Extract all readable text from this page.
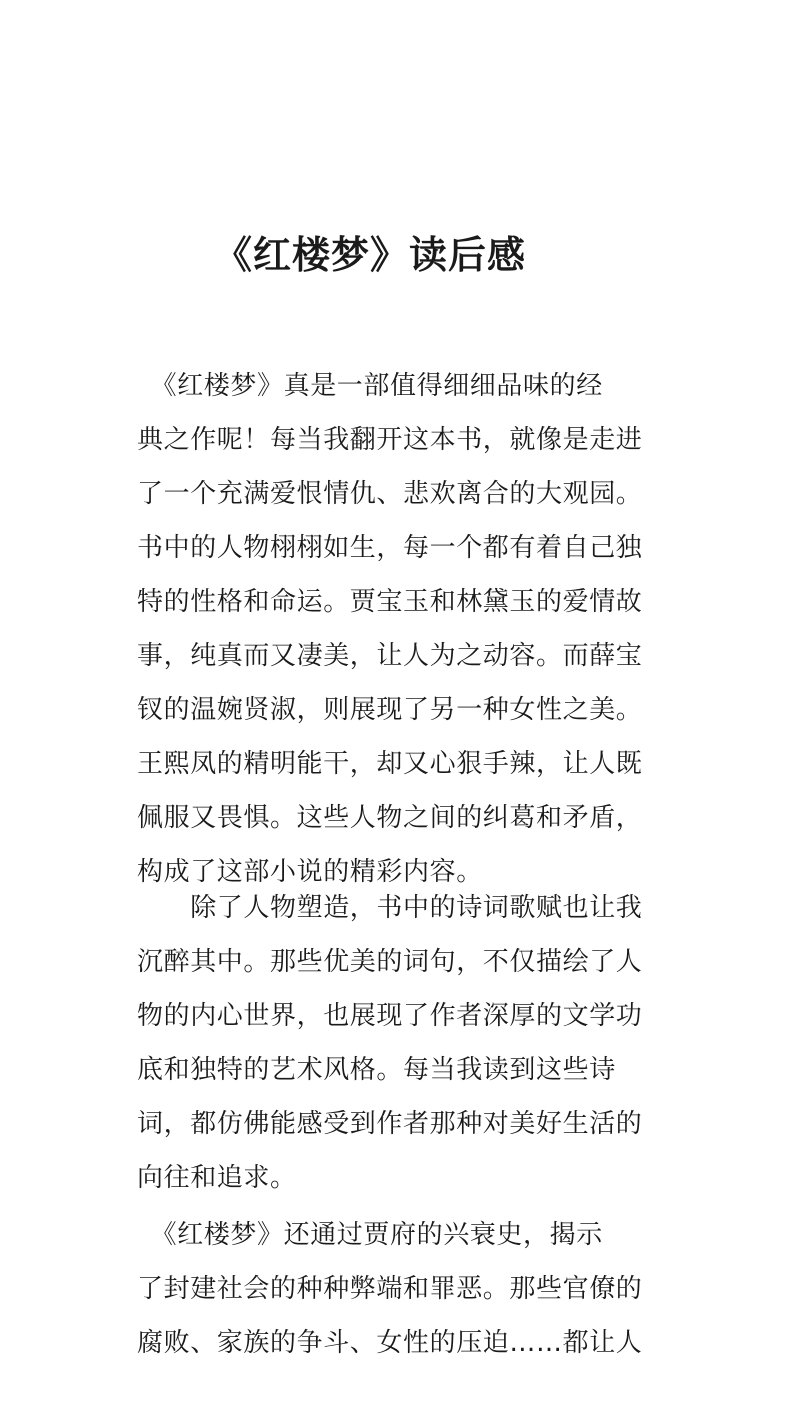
《红楼梦》读后感
　《红楼梦》真是一部值得细细品味的经
典之作呢！每当我翻开这本书，就像是走进
了一个充满爱恨情仇、悲欢离合的大观园。
书中的人物栩栩如生，每一个都有着自己独
特的性格和命运。贾宝玉和林黛玉的爱情故
事，纯真而又凄美，让人为之动容。而薛宝
钗的温婉贤淑，则展现了另一种女性之美。
王熙凤的精明能干，却又心狠手辣，让人既
佩服又畏惧。这些人物之间的纠葛和矛盾，
构成了这部小说的精彩内容。
　　除了人物塑造，书中的诗词歌赋也让我
沉醉其中。那些优美的词句，不仅描绘了人
物的内心世界，也展现了作者深厚的文学功
底和独特的艺术风格。每当我读到这些诗
词，都仿佛能感受到作者那种对美好生活的
向往和追求。
　《红楼梦》还通过贾府的兴衰史，揭示
了封建社会的种种弊端和罪恶。那些官僚的
腐败、家族的争斗、女性的压迫……都让人
